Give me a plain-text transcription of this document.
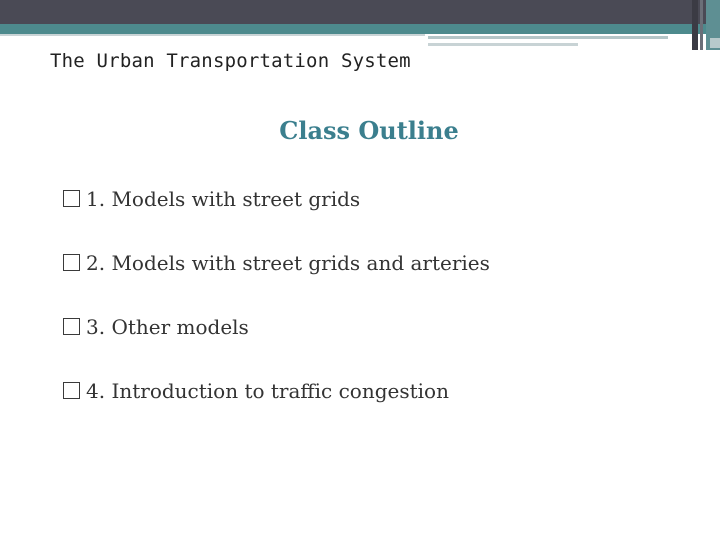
The Urban Transportation System
Class Outline
1. Models with street grids
2. Models with street grids and arteries
3. Other models
4. Introduction to traffic congestion
